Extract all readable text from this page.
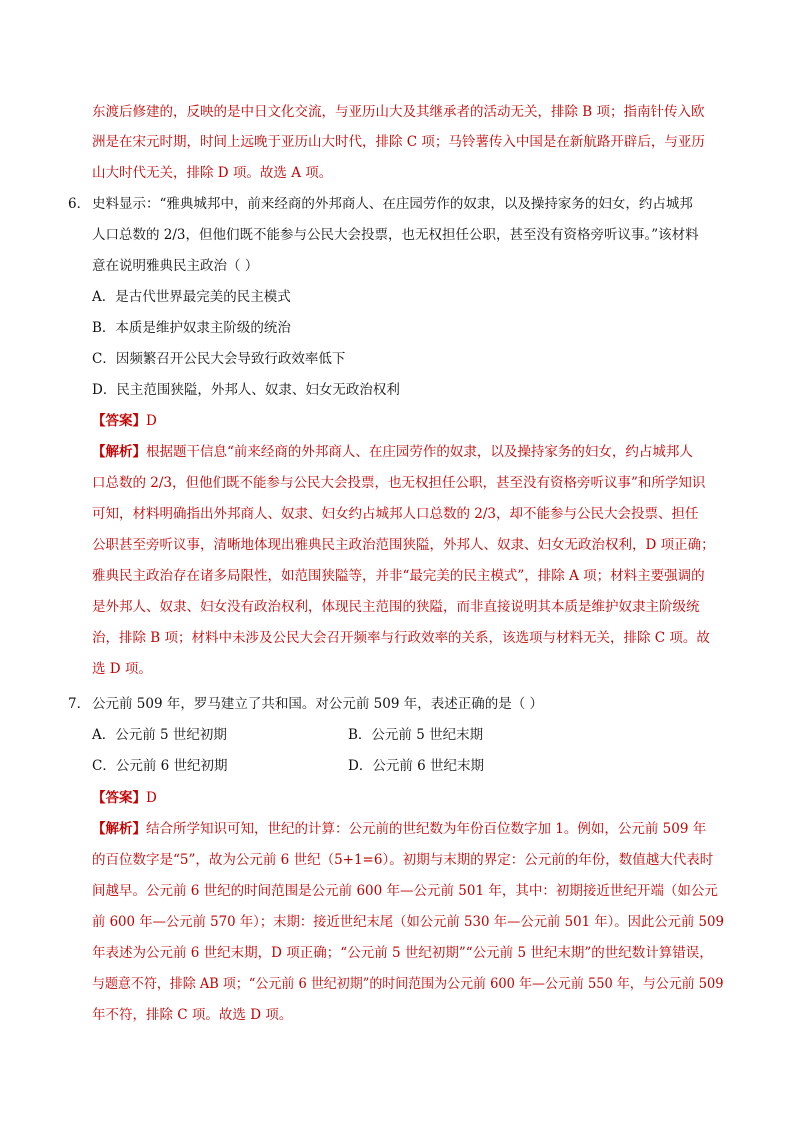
东渡后修建的，反映的是中日文化交流，与亚历山大及其继承者的活动无关，排除 B 项；指南针传入欧
洲是在宋元时期，时间上远晚于亚历山大时代，排除 C 项；马铃薯传入中国是在新航路开辟后，与亚历
山大时代无关，排除 D 项。故选 A 项。
6． 史料显示：“雅典城邦中，前来经商的外邦商人、在庄园劳作的奴隶，以及操持家务的妇女，约占城邦
人口总数的 2/3，但他们既不能参与公民大会投票，也无权担任公职，甚至没有资格旁听议事。”该材料
意在说明雅典民主政治（ ）
A．是古代世界最完美的民主模式
B．本质是维护奴隶主阶级的统治
C．因频繁召开公民大会导致行政效率低下
D．民主范围狭隘，外邦人、奴隶、妇女无政治权利
【答案】D
【解析】根据题干信息“前来经商的外邦商人、在庄园劳作的奴隶，以及操持家务的妇女，约占城邦人
口总数的 2/3，但他们既不能参与公民大会投票，也无权担任公职，甚至没有资格旁听议事”和所学知识
可知，材料明确指出外邦商人、奴隶、妇女约占城邦人口总数的 2/3，却不能参与公民大会投票、担任
公职甚至旁听议事，清晰地体现出雅典民主政治范围狭隘，外邦人、奴隶、妇女无政治权利，D 项正确；
雅典民主政治存在诸多局限性，如范围狭隘等，并非“最完美的民主模式”，排除 A 项；材料主要强调的
是外邦人、奴隶、妇女没有政治权利，体现民主范围的狭隘，而非直接说明其本质是维护奴隶主阶级统
治，排除 B 项；材料中未涉及公民大会召开频率与行政效率的关系，该选项与材料无关，排除 C 项。故
选 D 项。
7． 公元前 509 年，罗马建立了共和国。对公元前 509 年，表述正确的是（ ）
A．公元前 5 世纪初期	B．公元前 5 世纪末期
C．公元前 6 世纪初期	D．公元前 6 世纪末期
【答案】D
【解析】结合所学知识可知，世纪的计算：公元前的世纪数为年份百位数字加 1。例如，公元前 509 年
的百位数字是“5”，故为公元前 6 世纪（5+1=6）。初期与末期的界定：公元前的年份，数值越大代表时
间越早。公元前 6 世纪的时间范围是公元前 600 年—公元前 501 年，其中：初期接近世纪开端（如公元
前 600 年—公元前 570 年）；末期：接近世纪末尾（如公元前 530 年—公元前 501 年）。因此公元前 509
年表述为公元前 6 世纪末期，D 项正确；“公元前 5 世纪初期”“公元前 5 世纪末期”的世纪数计算错误，
与题意不符，排除 AB 项；“公元前 6 世纪初期”的时间范围为公元前 600 年—公元前 550 年，与公元前 509
年不符，排除 C 项。故选 D 项。
